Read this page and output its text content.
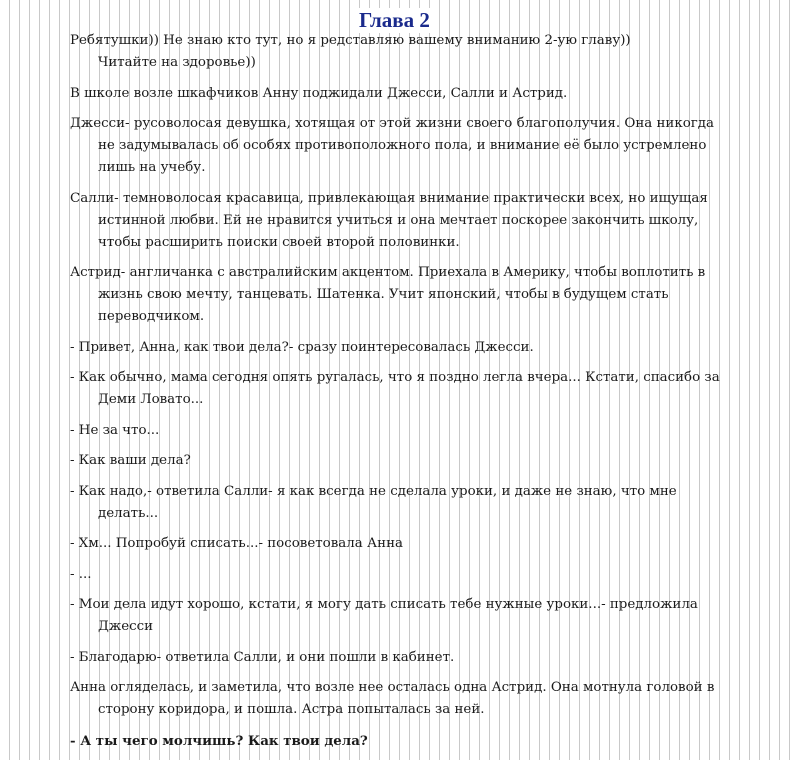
Глава 2

Ребятушки)) Не знаю кто тут, но я редставляю вашему вниманию 2-ую главу)) Читайте на здоровье))

В школе возле шкафчиков Анну поджидали Джесси, Салли и Астрид.

Джесси- русоволосая девушка, хотящая от этой жизни своего благополучия. Она никогда не задумывалась об особях противоположного пола, и внимание её было устремлено лишь на учебу.

Салли- темноволосая красавица, привлекающая внимание практически всех, но ищущая истинной любви. Ей не нравится учиться и она мечтает поскорее закончить школу, чтобы расширить поиски своей второй половинки.

Астрид- англичанка с австралийским акцентом. Приехала в Америку, чтобы воплотить в жизнь свою мечту, танцевать. Шатенка. Учит японский, чтобы в будущем стать переводчиком.

- Привет, Анна, как твои дела?- сразу поинтересовалась Джесси.

- Как обычно, мама сегодня опять ругалась, что я поздно легла вчера... Кстати, спасибо за Деми Ловато...

- Не за что...

- Как ваши дела?

- Как надо,- ответила Салли- я как всегда не сделала уроки, и даже не знаю, что мне делать...

- Хм... Попробуй списать...- посоветовала Анна

- ...

- Мои дела идут хорошо, кстати, я могу дать списать тебе нужные уроки...- предложила Джесси

- Благодарю- ответила Салли, и они пошли в кабинет.

Анна огляделась, и заметила, что возле нее осталась одна Астрид. Она мотнула головой в сторону коридора, и пошла. Астра попыталась за ней.

- А ты чего молчишь? Как твои дела?
